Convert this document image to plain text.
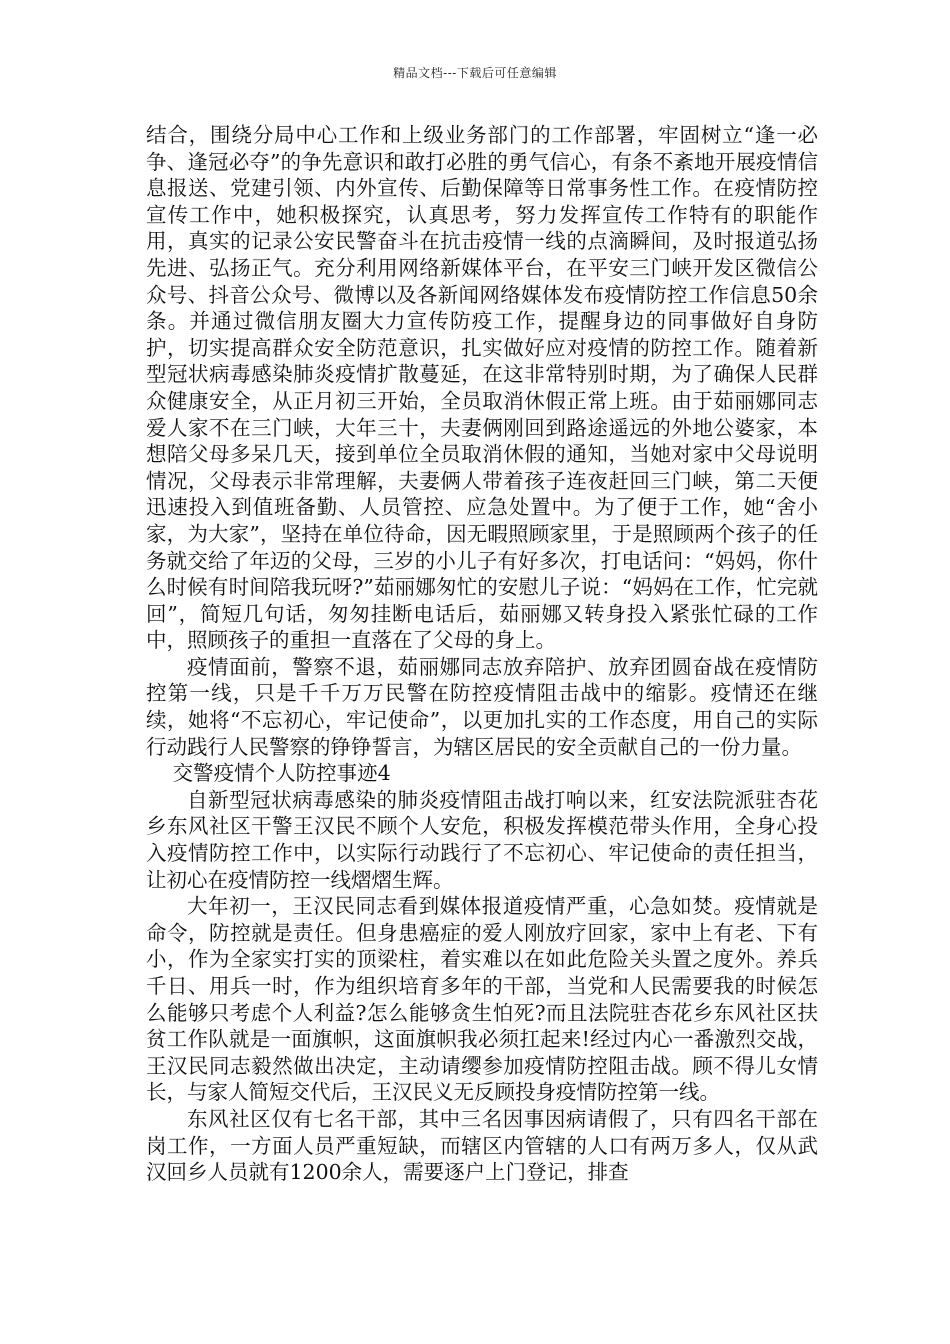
精品文档---下载后可任意编辑

结合，围绕分局中心工作和上级业务部门的工作部署，牢固树立“逢一必争、逢冠必夺”的争先意识和敢打必胜的勇气信心，有条不紊地开展疫情信息报送、党建引领、内外宣传、后勤保障等日常事务性工作。在疫情防控宣传工作中，她积极探究，认真思考，努力发挥宣传工作特有的职能作用，真实的记录公安民警奋斗在抗击疫情一线的点滴瞬间，及时报道弘扬先进、弘扬正气。充分利用网络新媒体平台，在平安三门峡开发区微信公众号、抖音公众号、微博以及各新闻网络媒体发布疫情防控工作信息50余条。并通过微信朋友圈大力宣传防疫工作，提醒身边的同事做好自身防护，切实提高群众安全防范意识，扎实做好应对疫情的防控工作。随着新型冠状病毒感染肺炎疫情扩散蔓延，在这非常特别时期，为了确保人民群众健康安全，从正月初三开始，全员取消休假正常上班。由于茹丽娜同志爱人家不在三门峡，大年三十，夫妻俩刚回到路途遥远的外地公婆家，本想陪父母多呆几天，接到单位全员取消休假的通知，当她对家中父母说明情况，父母表示非常理解，夫妻俩人带着孩子连夜赶回三门峡，第二天便迅速投入到值班备勤、人员管控、应急处置中。为了便于工作，她“舍小家，为大家”，坚持在单位待命，因无暇照顾家里，于是照顾两个孩子的任务就交给了年迈的父母，三岁的小儿子有好多次，打电话问：“妈妈，你什么时候有时间陪我玩呀?”茹丽娜匆忙的安慰儿子说：“妈妈在工作，忙完就回”，简短几句话，匆匆挂断电话后，茹丽娜又转身投入紧张忙碌的工作中，照顾孩子的重担一直落在了父母的身上。

疫情面前，警察不退，茹丽娜同志放弃陪护、放弃团圆奋战在疫情防控第一线，只是千千万万民警在防控疫情阻击战中的缩影。疫情还在继续，她将“不忘初心，牢记使命”，以更加扎实的工作态度，用自己的实际行动践行人民警察的铮铮誓言，为辖区居民的安全贡献自己的一份力量。

交警疫情个人防控事迹4

自新型冠状病毒感染的肺炎疫情阻击战打响以来，红安法院派驻杏花乡东风社区干警王汉民不顾个人安危，积极发挥模范带头作用，全身心投入疫情防控工作中，以实际行动践行了不忘初心、牢记使命的责任担当，让初心在疫情防控一线熠熠生辉。

大年初一，王汉民同志看到媒体报道疫情严重，心急如焚。疫情就是命令，防控就是责任。但身患癌症的爱人刚放疗回家，家中上有老、下有小，作为全家实打实的顶梁柱，着实难以在如此危险关头置之度外。养兵千日、用兵一时，作为组织培育多年的干部，当党和人民需要我的时候怎么能够只考虑个人利益?怎么能够贪生怕死?而且法院驻杏花乡东风社区扶贫工作队就是一面旗帜，这面旗帜我必须扛起来!经过内心一番激烈交战，王汉民同志毅然做出决定，主动请缨参加疫情防控阻击战。顾不得儿女情长，与家人简短交代后，王汉民义无反顾投身疫情防控第一线。

东风社区仅有七名干部，其中三名因事因病请假了，只有四名干部在岗工作，一方面人员严重短缺，而辖区内管辖的人口有两万多人，仅从武汉回乡人员就有1200余人，需要逐户上门登记，排查
